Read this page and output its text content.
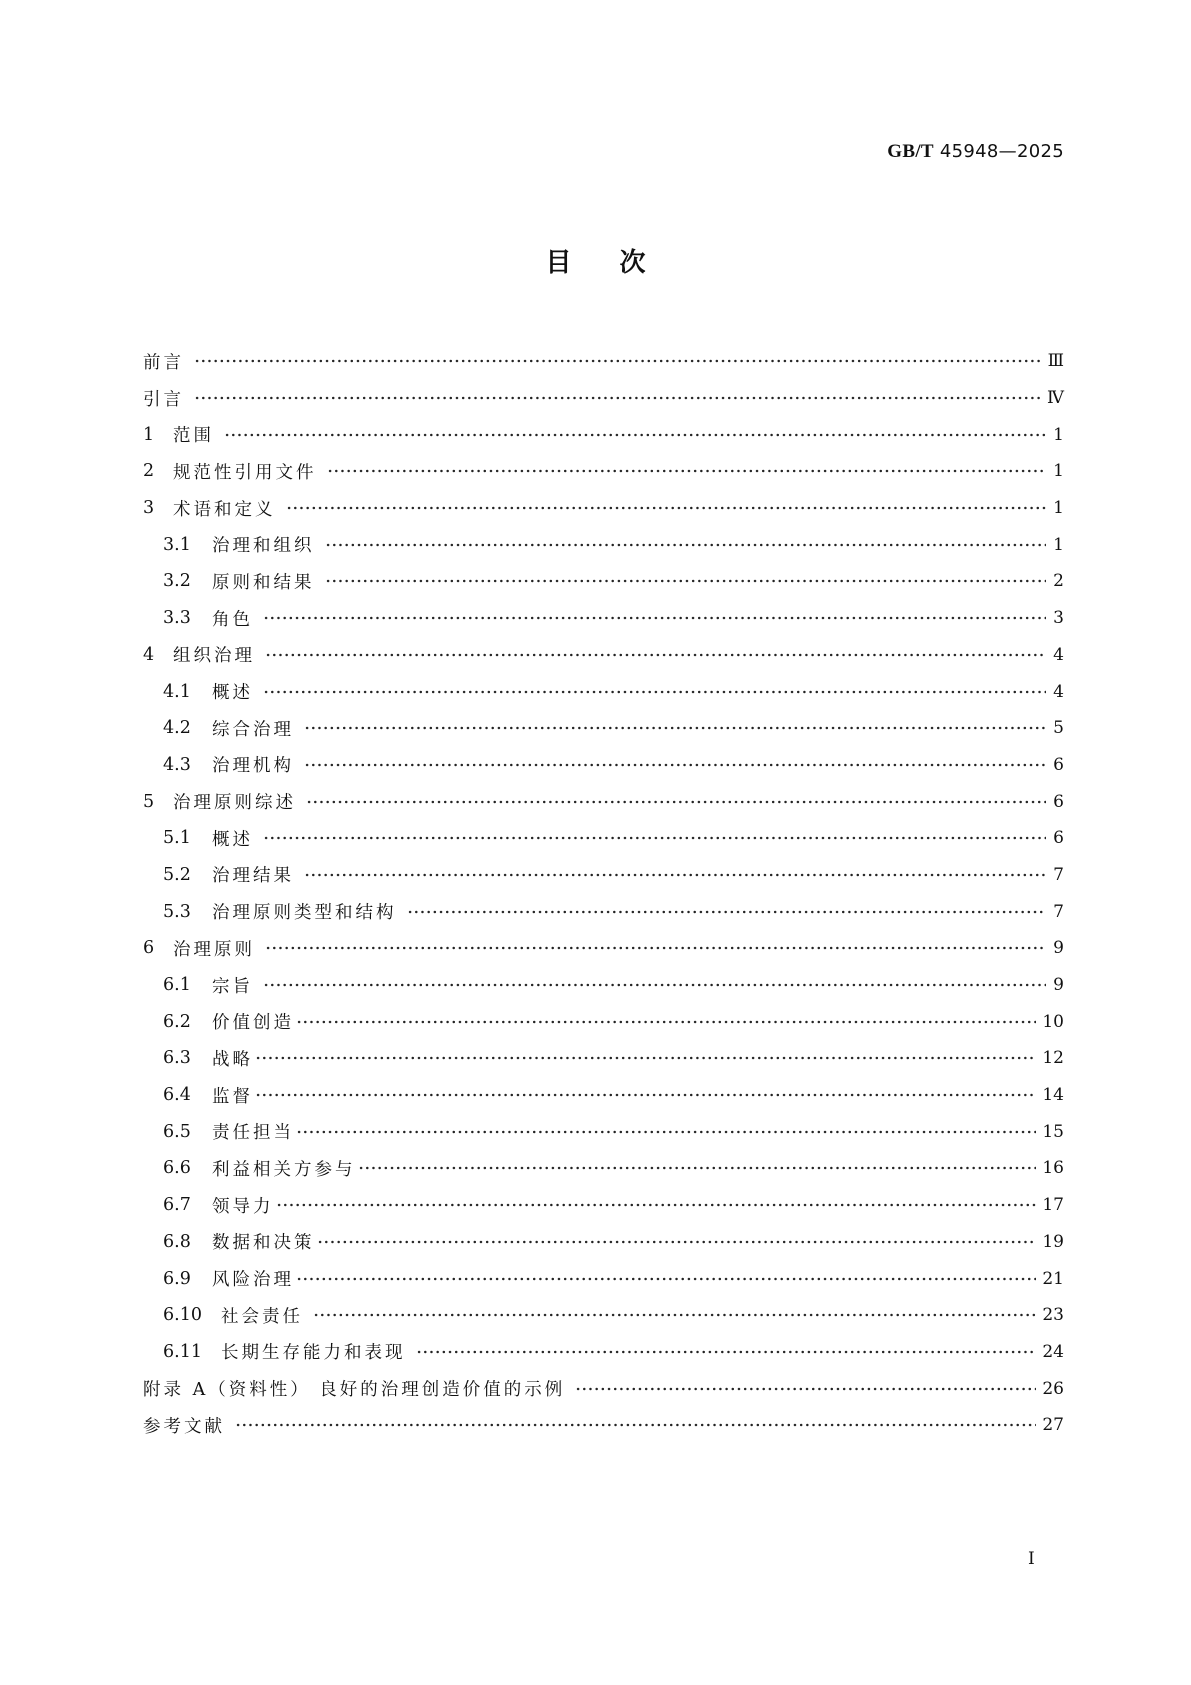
GB/T 45948—2025
目次
前言	Ⅲ
引言	Ⅳ
1	范围	1
2	规范性引用文件	1
3	术语和定义	1
3.1	治理和组织	1
3.2	原则和结果	2
3.3	角色	3
4	组织治理	4
4.1	概述	4
4.2	综合治理	5
4.3	治理机构	6
5	治理原则综述	6
5.1	概述	6
5.2	治理结果	7
5.3	治理原则类型和结构	7
6	治理原则	9
6.1	宗旨	9
6.2	价值创造	10
6.3	战略	12
6.4	监督	14
6.5	责任担当	15
6.6	利益相关方参与	16
6.7	领导力	17
6.8	数据和决策	19
6.9	风险治理	21
6.10	社会责任	23
6.11	长期生存能力和表现	24
附录 A（资料性） 良好的治理创造价值的示例	26
参考文献	27
I
